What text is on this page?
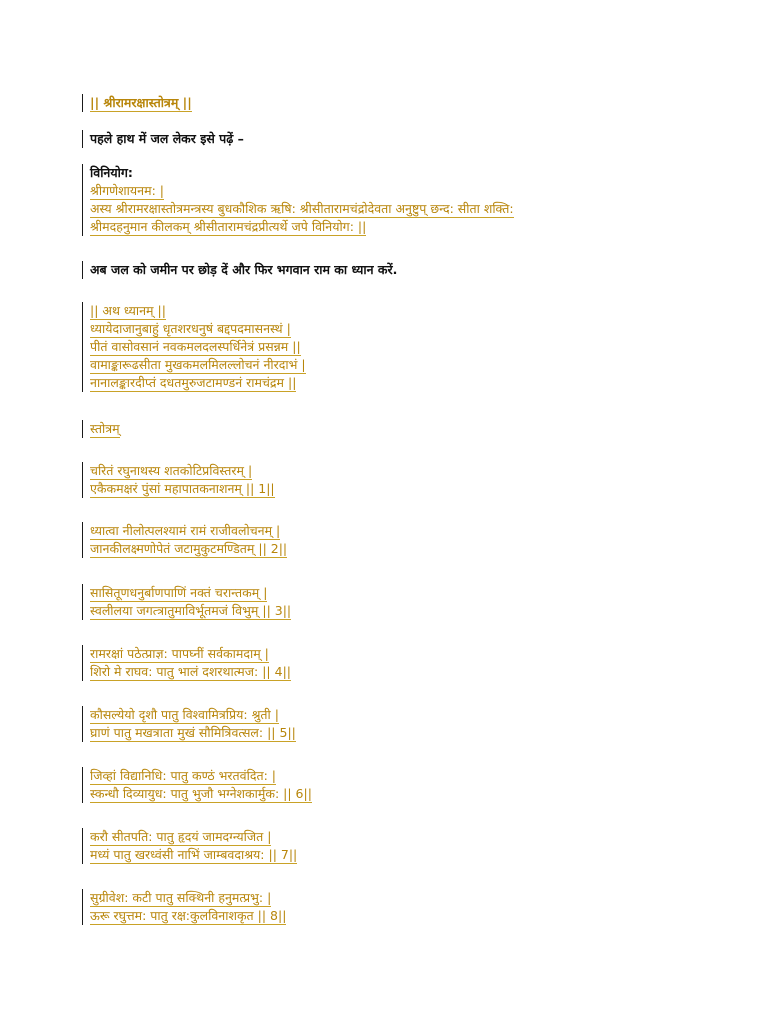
|| श्रीरामरक्षास्तोत्रम् ||
पहले हाथ में जल लेकर इसे पढ़ें –
विनियोग:
श्रीगणेशायनम: |
अस्य श्रीरामरक्षास्तोत्रमन्त्रस्य बुधकौशिक ऋषि: श्रीसीतारामचंद्रोदेवता अनुष्टुप् छन्द: सीता शक्ति:
श्रीमदहनुमान कीलकम् श्रीसीतारामचंद्रप्रीत्यर्थे जपे विनियोग: ||
अब जल को जमीन पर छोड़ दें और फिर भगवान राम का ध्यान करें.
|| अथ ध्यानम् ||
ध्यायेदाजानुबाहुं धृतशरधनुषं बद्दपदमासनस्थं |
पीतं वासोवसानं नवकमलदलस्पर्धिनेत्रं प्रसन्नम ||
वामाङ्कारूढसीता मुखकमलमिलल्लोचनं नीरदाभं |
नानालङ्कारदीप्तं दधतमुरुजटामण्डनं रामचंद्रम ||
स्तोत्रम्
चरितं रघुनाथस्य शतकोटिप्रविस्तरम् |
एकैकमक्षरं पुंसां महापातकनाशनम् || 1||
ध्यात्वा नीलोत्पलश्यामं रामं राजीवलोचनम् |
जानकीलक्ष्मणोपेतं जटामुकुटमण्डितम् || 2||
सासितूणधनुर्बाणपाणिं नक्तं चरान्तकम् |
स्वलीलया जगत्त्रातुमाविर्भूतमजं विभुम् || 3||
रामरक्षां पठेत्प्राज्ञ: पापघ्नीं सर्वकामदाम् |
शिरो मे राघव: पातु भालं दशरथात्मज: || 4||
कौसल्येयो दृशौ पातु विश्वामित्रप्रिय: श्रुती |
घ्राणं पातु मखत्राता मुखं सौमित्रिवत्सल: || 5||
जिव्हां विद्यानिधि: पातु कण्ठं भरतवंदित: |
स्कन्धौ दिव्यायुध: पातु भुजौ भग्नेशकार्मुक: || 6||
करौ सीतपति: पातु हृदयं जामदग्न्यजित |
मध्यं पातु खरध्वंसी नाभिं जाम्बवदाश्रय: || 7||
सुग्रीवेश: कटी पातु सक्थिनी हनुमत्प्रभु: |
ऊरू रघुत्तम: पातु रक्ष:कुलविनाशकृत || 8||
